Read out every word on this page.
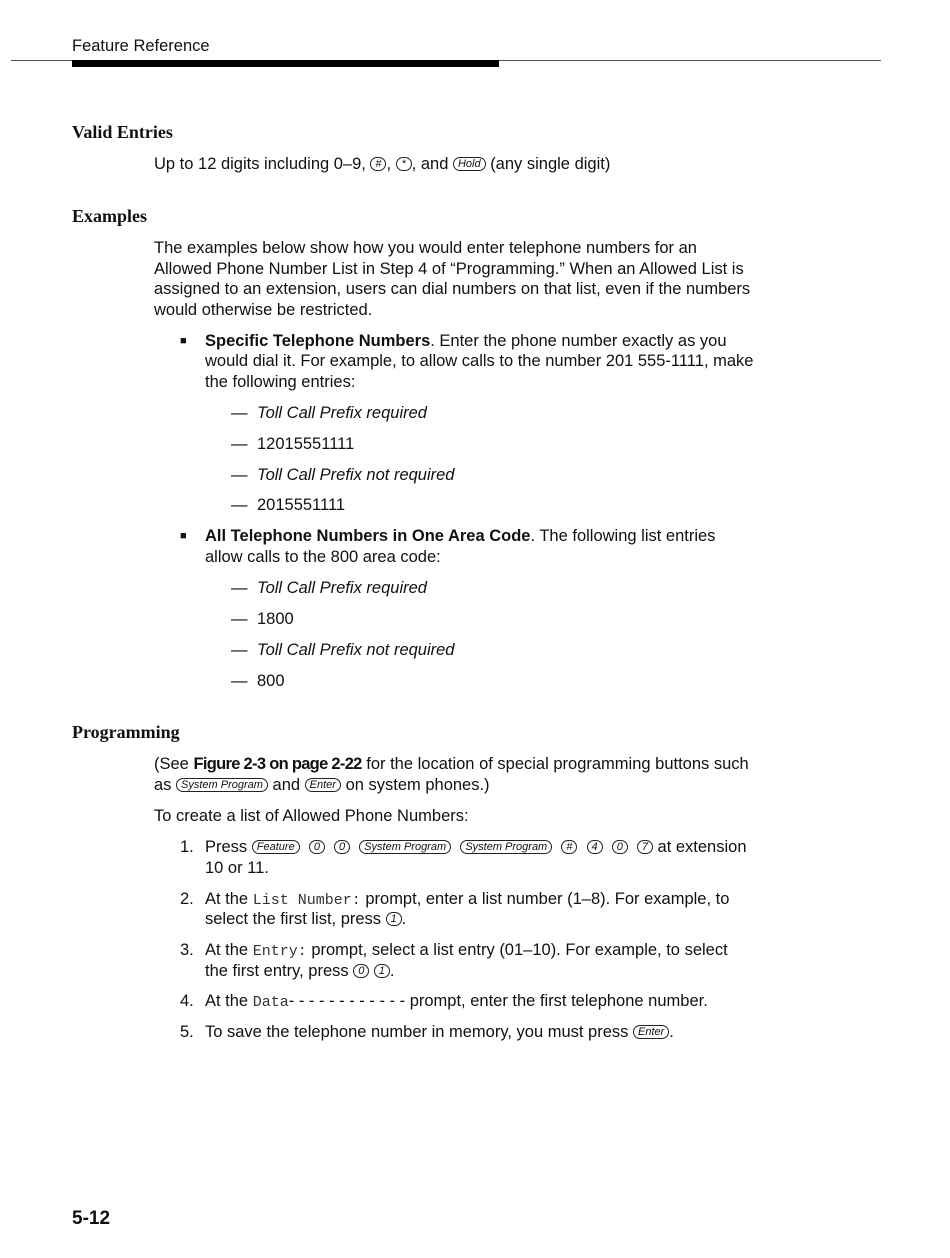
Feature Reference
Valid Entries
Up to 12 digits including 0–9, # , * , and Hold (any single digit)
Examples
The examples below show how you would enter telephone numbers for an
Allowed Phone Number List in Step 4 of “Programming.” When an Allowed List is
assigned to an extension, users can dial numbers on that list, even if the numbers
would otherwise be restricted.
■ Specific Telephone Numbers. Enter the phone number exactly as you
would dial it. For example, to allow calls to the number 201 555-1111, make
the following entries:
— Toll Call Prefix required
— 12015551111
— Toll Call Prefix not required
— 2015551111
■ All Telephone Numbers in One Area Code. The following list entries
allow calls to the 800 area code:
— Toll Call Prefix required
— 1800
— Toll Call Prefix not required
— 800
Programming
(See Figure 2-3 on page 2-22 for the location of special programming buttons such
as System Program and Enter on system phones.)
To create a list of Allowed Phone Numbers:
1. Press Feature 0 0 System Program System Program # 4 0 7 at extension
10 or 11.
2. At the List Number: prompt, enter a list number (1–8). For example, to
select the first list, press 1 .
3. At the Entry: prompt, select a list entry (01–10). For example, to select
the first entry, press 0 1 .
4. At the Data- - - - - - - - - - - - prompt, enter the first telephone number.
5. To save the telephone number in memory, you must press Enter .
5-12
